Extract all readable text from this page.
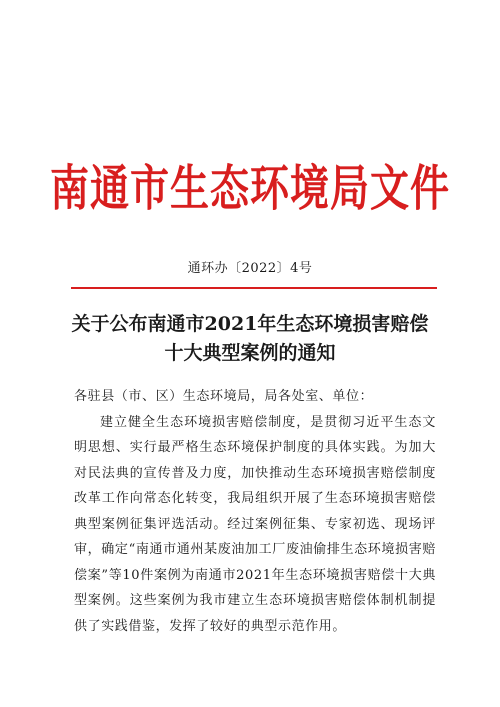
南通市生态环境局文件
通环办〔2022〕4号
关于公布南通市2021年生态环境损害赔偿
十大典型案例的通知
各驻县（市、区）生态环境局，局各处室、单位：
建立健全生态环境损害赔偿制度，是贯彻习近平生态文明思想、实行最严格生态环境保护制度的具体实践。为加大对民法典的宣传普及力度，加快推动生态环境损害赔偿制度改革工作向常态化转变，我局组织开展了生态环境损害赔偿典型案例征集评选活动。经过案例征集、专家初选、现场评审，确定“南通市通州某废油加工厂废油偷排生态环境损害赔偿案”等10件案例为南通市2021年生态环境损害赔偿十大典型案例。这些案例为我市建立生态环境损害赔偿体制机制提供了实践借鉴，发挥了较好的典型示范作用。
